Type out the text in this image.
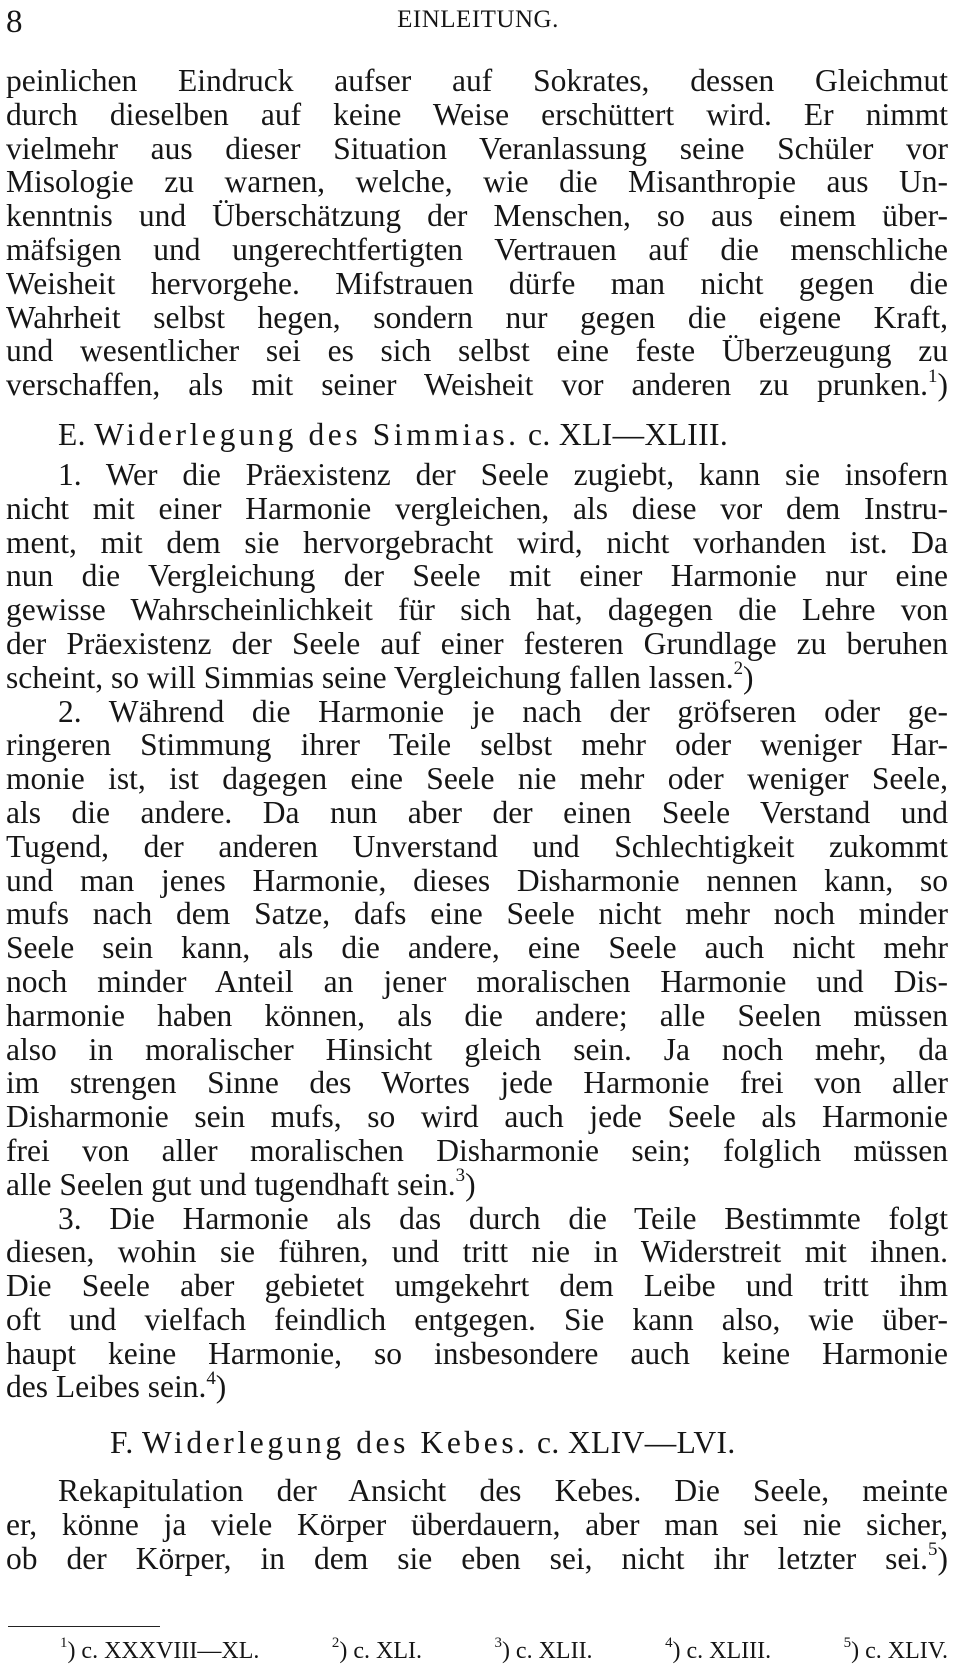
8	EINLEITUNG.
peinlichen Eindruck aufser auf Sokrates, dessen Gleichmut
durch dieselben auf keine Weise erschüttert wird. Er nimmt
vielmehr aus dieser Situation Veranlassung seine Schüler vor
Misologie zu warnen, welche, wie die Misanthropie aus Un-
kenntnis und Überschätzung der Menschen, so aus einem über-
mäfsigen und ungerechtfertigten Vertrauen auf die menschliche
Weisheit hervorgehe. Mifstrauen dürfe man nicht gegen die
Wahrheit selbst hegen, sondern nur gegen die eigene Kraft,
und wesentlicher sei es sich selbst eine feste Überzeugung zu
verschaffen, als mit seiner Weisheit vor anderen zu prunken.$^1$)
E. Widerlegung des Simmias. c. XLI—XLIII.
1. Wer die Präexistenz der Seele zugiebt, kann sie insofern
nicht mit einer Harmonie vergleichen, als diese vor dem Instru-
ment, mit dem sie hervorgebracht wird, nicht vorhanden ist. Da
nun die Vergleichung der Seele mit einer Harmonie nur eine
gewisse Wahrscheinlichkeit für sich hat, dagegen die Lehre von
der Präexistenz der Seele auf einer festeren Grundlage zu beruhen
scheint, so will Simmias seine Vergleichung fallen lassen.$^2$)
2. Während die Harmonie je nach der gröfseren oder ge-
ringeren Stimmung ihrer Teile selbst mehr oder weniger Har-
monie ist, ist dagegen eine Seele nie mehr oder weniger Seele,
als die andere. Da nun aber der einen Seele Verstand und
Tugend, der anderen Unverstand und Schlechtigkeit zukommt
und man jenes Harmonie, dieses Disharmonie nennen kann, so
mufs nach dem Satze, dafs eine Seele nicht mehr noch minder
Seele sein kann, als die andere, eine Seele auch nicht mehr
noch minder Anteil an jener moralischen Harmonie und Dis-
harmonie haben können, als die andere; alle Seelen müssen
also in moralischer Hinsicht gleich sein. Ja noch mehr, da
im strengen Sinne des Wortes jede Harmonie frei von aller
Disharmonie sein mufs, so wird auch jede Seele als Harmonie
frei von aller moralischen Disharmonie sein; folglich müssen
alle Seelen gut und tugendhaft sein.$^3$)
3. Die Harmonie als das durch die Teile Bestimmte folgt
diesen, wohin sie führen, und tritt nie in Widerstreit mit ihnen.
Die Seele aber gebietet umgekehrt dem Leibe und tritt ihm
oft und vielfach feindlich entgegen. Sie kann also, wie über-
haupt keine Harmonie, so insbesondere auch keine Harmonie
des Leibes sein.$^4$)
F. Widerlegung des Kebes. c. XLIV—LVI.
Rekapitulation der Ansicht des Kebes. Die Seele, meinte
er, könne ja viele Körper überdauern, aber man sei nie sicher,
ob der Körper, in dem sie eben sei, nicht ihr letzter sei.$^5$)
$^1$) c. XXXVIII—XL.	$^2$) c. XLI.	$^3$) c. XLII.	$^4$) c. XLIII.	$^5$) c. XLIV.
